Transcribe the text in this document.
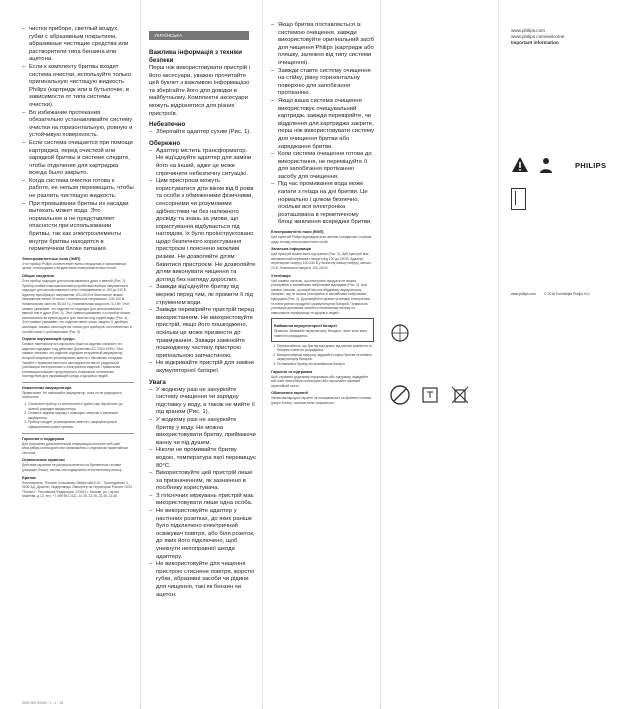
– чистки приборе, светлый воздух, губки с абразивным покрытием, абразивные чистящие средства или растворители типа бензина или ацетона.
– Если к комплекту бритвы входит система очистки, используйте только оригинальную чистящую жидкость Philips (картридж или в бутылочке, в зависимости от типа системы очистки).
– Во избежание протекания обязательно устанавливайте систему очистки на горизонтальную, ровную и устойчивую поверхность.
– Если система очищается при помощи картриджа, перед очисткой или зарядкой бритвы в системе следите, чтобы отделение для картриджа всегда было закрыто.
– Когда система очистки готова к работе, ее нельзя перемещать, чтобы не разлить чистящую жидкость.
– При промывании бритвы из насадки вытекать может вода. Это нормальное и не представляет опасности при использовании бритвы, так как электроэлементы внутри бритвы находятся в герметичном блоке питания.

Электромагнитные поля (ЭМП)

Этот прибор Philips соответствует всем стандартам и нормативным актам, относящимся к воздействию электромагнитных полей.

Общие сведения

Этот прибор подходит для использования в душе и ванной (Рис. 2). Прибор снабжен автоматическим устройством выбора напряжения и подходит для использования в сети с напряжением от 100 до 240 В. Адаптер преобразует напряжение 100-240 В в безопасное низкое напряжение менее 24 вольт. Номинальное напряжение: 100-240 В. Номинальная частота: 50-60 Гц. Номинальная мощность: 5,4 Вт. Этот символ указывает, что изделие не подходит для использования в ванной или в душе (Рис. 3). Этот символ указывает, что прибор можно использовать во время душа и для очистки под струей воды (Рис. 4). Этот символ указывает, что изделие имеет класс защиты II, двойную изоляцию; символ используется только для приборов, изготовленных в соответствии с требованиями (Рис. 5).

Охрана окружающей среды

Символ перечеркнутого мусорного бака на изделии означает, что изделие подпадает под действие Директивы ЕС 2012/19/EU. Этот символ означает, что изделие содержит встроенный аккумулятор, который запрещено утилизировать вместе с бытовыми отходами. Узнайте о правилах местного законодательства по раздельной утилизации электрических и электронных изделий. Правильная утилизация поможет предотвратить возможные негативные последствия для окружающей среды и здоровья людей.

Извлечение аккумулятора

Примечание. Не извлекайте аккумулятор, пока он не разрядится полностью.

1. Отключите прибор от электросети и дайте ему поработать до полной разрядки аккумулятора.
2. Снимите заднюю крышку с помощью отвертки и извлеките аккумулятор.
3. Прибор следует утилизировать вместе с аккумулятором в официальном пункте приема.

Гарантия и поддержка

Для получения дополнительной информации посетите веб-сайт www.philips.com/support или ознакомьтесь с отдельным гарантийным талоном.

Ограничения гарантии

Действие гарантии не распространяется на бритвенные головки (режущие блоки), так как они подвержены естественному износу.

Бритва

Изготовитель: "Филипс Консьюмер Лайфстайл Б.В.", Туссендиепен 4, 9206 АД, Драхтен, Нидерланды. Импортер на территории России: ООО "Филипс", Российская Федерация, 123022 г. Москва, ул. Сергея Макеева, д.13, тел. +7 495 961-1111. 22.36, 22.45, 22.46, 22.48

УКРАЇНСЬКА

Важлива інформація з техніки безпеки

Перш ніж використовувати пристрій і його аксесуари, уважно прочитайте цей буклет з важливою інформацією та зберігайте його для довідки в майбутньому. Комплектні аксесуари можуть відрізнятися для різних пристроїв.

Небезпечно

– Зберігайте адаптер сухим (Рис. 1).

Обережно

– Адаптер містить трансформатор. Не від'єднуйте адаптер для заміни його на інший, адже це може спричинити небезпечну ситуацію.
– Цим пристроєм можуть користуватися діти віком від 8 років та особи з обмеженими фізичними, сенсорними чи розумовими здібностями чи без належного досвіду та знань за умови, що користування відбувається під наглядом, їх було проінструктовано щодо безпечного користування пристроєм і пояснено можливі ризики. Не дозволяйте дітям бавитися пристроєм. Не дозволяйте дітям виконувати чищення та догляд без нагляду дорослих.
– Завжди від'єднуйте бритву від мережі перед тим, як промити її під струменем води.
– Завжди перевіряйте пристрій перед використанням. Не використовуйте пристрій, якщо його пошкоджено, оскільки це може призвести до травмування. Завжди замінюйте пошкоджену частину пристрою оригінальною запчастиною.
– Не відкривайте пристрій для заміни акумуляторної батареї.

Увага

– У жодному разі не занурюйте систему очищення чи зарядну підставку у воду, а також не мийте її під краном (Рис. 1).
– У жодному разі не занурюйте бритву у воду. Не можна використовувати бритву, приймаючи ванну чи під душем.
– Ніколи не промивайте бритву водою, температура якої перевищує 80°C.
– Використовуйте цей пристрій лише за призначенням, як зазначено в посібнику користувача.
– З гігієнічних міркувань пристрій має використовувати лише одна особа.
– Не використовуйте адаптер у настінних розетках, до яких раніше було підключено електричний освіжувач повітря, або біля розеток, до яких його підключено, щоб уникнути непоправної шкоди адаптеру.
– Не використовуйте для чищення пристрою стиснене повітря, жорсткі губки, абразивні засоби чи рідини для чищення, такі як бензин чи ацетон.
– Якщо бритва поставляється із системою очищення, завжди використовуйте оригінальний засіб для чищення Philips (картридж або пляшку, залежно від типу системи очищення).
– Завжди ставте систему очищення на стійку, рівну горизонтальну поверхню для запобігання протіканню.
– Якщо ваша система очищення використовує очищувальний картридж, завжди перевіряйте, чи відділення для картриджа закрите, перш ніж використовувати систему для очищення бритви або заряджання бритви.
– Коли система очищення готова до використання, не переміщуйте її для запобігання протіканню засобу для очищення.
– Під час промивання вода може капати з гнізда на дні бритви. Це нормально і цілком безпечно, оскільки вся електроніка розташована в герметичному блоці живлення всередині бритви.

Електромагнітні поля (ЕМП)

Цей пристрій Philips відповідає всім чинним стандартам і нормам щодо впливу електромагнітних полів.

Загальна інформація

Цей пристрій можна мити під краном (Рис. 2). Цей пристрій має автоматичний перемикач напруги від 100 до 240 В. Адаптер перетворює напругу 100-240 В у безпечну низьку напругу, менше 24 В. Номінальна напруга: 100-240 В.

Утилізація

Цей символ означає, що електричні продукти не можна утилізувати зі звичайними побутовими відходами (Рис. 3). Цей символ означає, що виріб містить вбудовану акумуляторну батарею, яку не можна утилізувати зі звичайними побутовими відходами (Рис. 4). Дотримуйтеся правил утилізації електричних та електронних продуктів і акумуляторних батарей. Правильна утилізація допомагає запобігти негативному впливу на навколишнє середовище та здоров'я людей.

Виймання акумуляторної батареї

Примітка. Виймайте акумуляторну батарею, лише коли вона повністю розряджена.

1. Переконайтеся, що бритву від'єднано від мережі живлення та батарея повністю розряджена.
2. Використовуючи викрутку, відкрийте корпус бритви та вийміть акумуляторну батарею.
3. Не вмикайте бритву після виймання батареї.

Гарантія та підтримка

Щоб отримати додаткову інформацію або підтримку, відвідайте веб-сайт www.philips.com/support або прочитайте окремий гарантійний талон.

Обмеження гарантії

Умови міжнародної гарантії не поширюються на бритвені головки (ріжучі блоки), оскільки вони зношуються.

www.philips.com

www.philips.com/welcome

Important information

PHILIPS

www.philips.com © 2018 Koninklijke Philips N.V.

3000 000 00000 - 1 - 1 - 18
